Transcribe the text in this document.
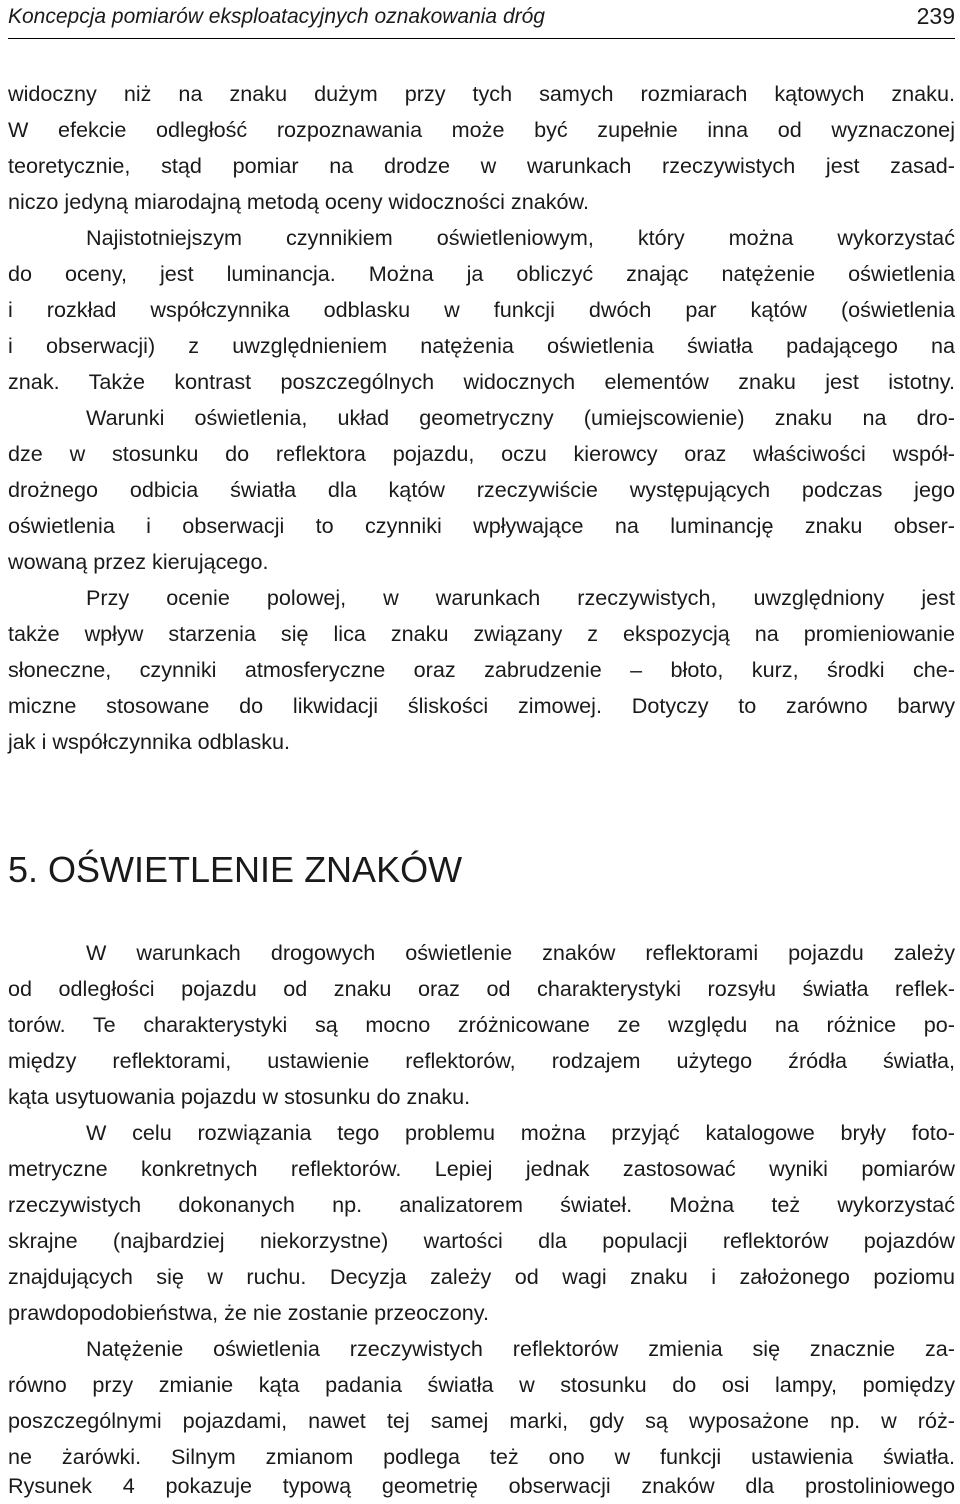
Koncepcja pomiarów eksploatacyjnych oznakowania dróg	239
widoczny niż na znaku dużym przy tych samych rozmiarach kątowych znaku.
W efekcie odległość rozpoznawania może być zupełnie inna od wyznaczonej
teoretycznie, stąd pomiar na drodze w warunkach rzeczywistych jest zasad-
niczo jedyną miarodajną metodą oceny widoczności znaków.
Najistotniejszym czynnikiem oświetleniowym, który można wykorzystać
do oceny, jest luminancja. Można ja obliczyć znając natężenie oświetlenia
i rozkład współczynnika odblasku w funkcji dwóch par kątów (oświetlenia
i obserwacji) z uwzględnieniem natężenia oświetlenia światła padającego na
znak. Także kontrast poszczególnych widocznych elementów znaku jest istotny.
Warunki oświetlenia, układ geometryczny (umiejscowienie) znaku na dro-
dze w stosunku do reflektora pojazdu, oczu kierowcy oraz właściwości współ-
drożnego odbicia światła dla kątów rzeczywiście występujących podczas jego
oświetlenia i obserwacji to czynniki wpływające na luminancję znaku obser-
wowaną przez kierującego.
Przy ocenie polowej, w warunkach rzeczywistych, uwzględniony jest
także wpływ starzenia się lica znaku związany z ekspozycją na promieniowanie
słoneczne, czynniki atmosferyczne oraz zabrudzenie – błoto, kurz, środki che-
miczne stosowane do likwidacji śliskości zimowej. Dotyczy to zarówno barwy
jak i współczynnika odblasku.
5. OŚWIETLENIE ZNAKÓW
W warunkach drogowych oświetlenie znaków reflektorami pojazdu zależy
od odległości pojazdu od znaku oraz od charakterystyki rozsyłu światła reflek-
torów. Te charakterystyki są mocno zróżnicowane ze względu na różnice po-
między reflektorami, ustawienie reflektorów, rodzajem użytego źródła światła,
kąta usytuowania pojazdu w stosunku do znaku.
W celu rozwiązania tego problemu można przyjąć katalogowe bryły foto-
metryczne konkretnych reflektorów. Lepiej jednak zastosować wyniki pomiarów
rzeczywistych dokonanych np. analizatorem świateł. Można też wykorzystać
skrajne (najbardziej niekorzystne) wartości dla populacji reflektorów pojazdów
znajdujących się w ruchu. Decyzja zależy od wagi znaku i założonego poziomu
prawdopodobieństwa, że nie zostanie przeoczony.
Natężenie oświetlenia rzeczywistych reflektorów zmienia się znacznie za-
równo przy zmianie kąta padania światła w stosunku do osi lampy, pomiędzy
poszczególnymi pojazdami, nawet tej samej marki, gdy są wyposażone np. w róż-
ne żarówki. Silnym zmianom podlega też ono w funkcji ustawienia światła.
Rysunek 4 pokazuje typową geometrię obserwacji znaków dla prostoliniowego
